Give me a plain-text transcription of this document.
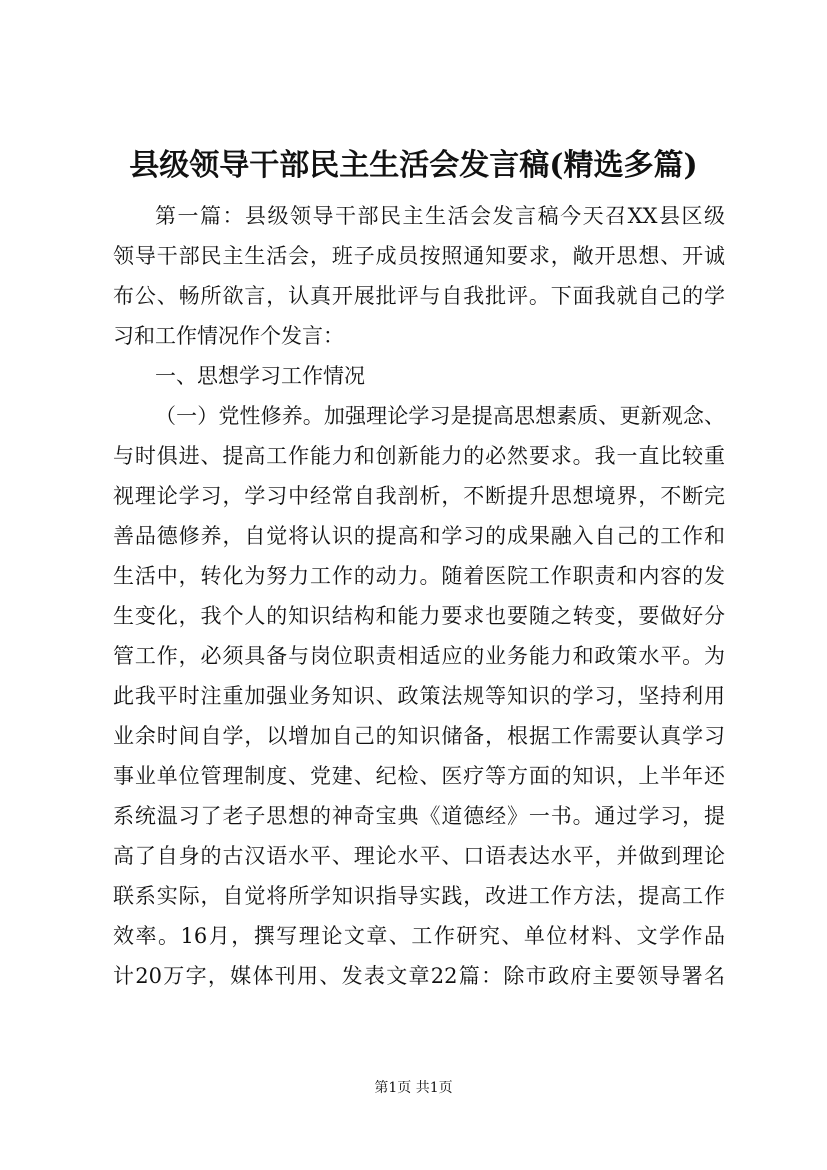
县级领导干部民主生活会发言稿(精选多篇)
第一篇：县级领导干部民主生活会发言稿今天召XX县区级
领导干部民主生活会，班子成员按照通知要求，敞开思想、开诚
布公、畅所欲言，认真开展批评与自我批评。下面我就自己的学
习和工作情况作个发言：
一、思想学习工作情况
（一）党性修养。加强理论学习是提高思想素质、更新观念、
与时俱进、提高工作能力和创新能力的必然要求。我一直比较重
视理论学习，学习中经常自我剖析，不断提升思想境界，不断完
善品德修养，自觉将认识的提高和学习的成果融入自己的工作和
生活中，转化为努力工作的动力。随着医院工作职责和内容的发
生变化，我个人的知识结构和能力要求也要随之转变，要做好分
管工作，必须具备与岗位职责相适应的业务能力和政策水平。为
此我平时注重加强业务知识、政策法规等知识的学习，坚持利用
业余时间自学，以增加自己的知识储备，根据工作需要认真学习
事业单位管理制度、党建、纪检、医疗等方面的知识，上半年还
系统温习了老子思想的神奇宝典《道德经》一书。通过学习，提
高了自身的古汉语水平、理论水平、口语表达水平，并做到理论
联系实际，自觉将所学知识指导实践，改进工作方法，提高工作
效率。16月，撰写理论文章、工作研究、单位材料、文学作品
计20万字，媒体刊用、发表文章22篇：除市政府主要领导署名
第1页 共1页
